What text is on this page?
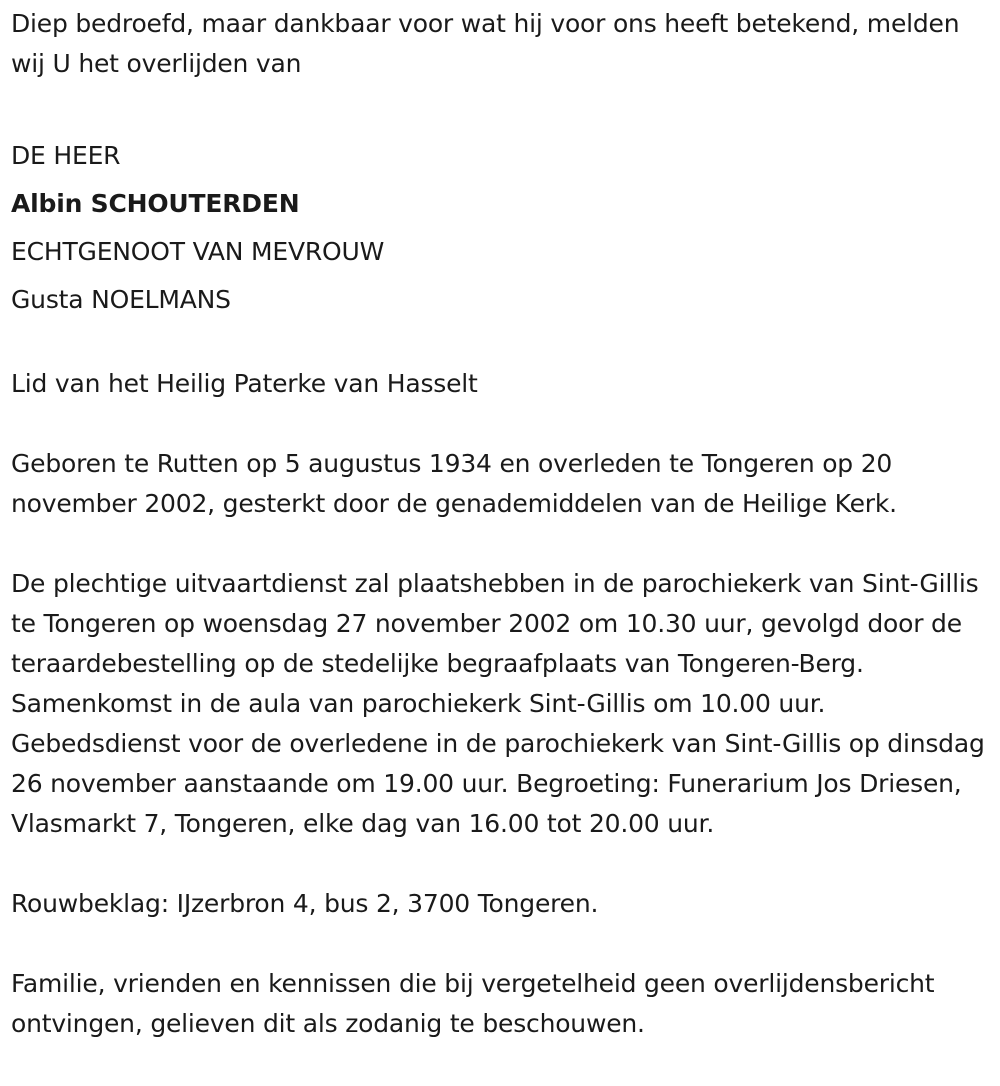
Diep bedroefd, maar dankbaar voor wat hij voor ons heeft betekend, melden wij U het overlijden van

DE HEER
Albin SCHOUTERDEN
ECHTGENOOT VAN MEVROUW
Gusta NOELMANS

Lid van het Heilig Paterke van Hasselt

Geboren te Rutten op 5 augustus 1934 en overleden te Tongeren op 20 november 2002, gesterkt door de genademiddelen van de Heilige Kerk.

De plechtige uitvaartdienst zal plaatshebben in de parochiekerk van Sint-Gillis te Tongeren op woensdag 27 november 2002 om 10.30 uur, gevolgd door de teraardebestelling op de stedelijke begraafplaats van Tongeren-Berg. Samenkomst in de aula van parochiekerk Sint-Gillis om 10.00 uur. Gebedsdienst voor de overledene in de parochiekerk van Sint-Gillis op dinsdag 26 november aanstaande om 19.00 uur. Begroeting: Funerarium Jos Driesen, Vlasmarkt 7, Tongeren, elke dag van 16.00 tot 20.00 uur.

Rouwbeklag: IJzerbron 4, bus 2, 3700 Tongeren.

Familie, vrienden en kennissen die bij vergetelheid geen overlijdensbericht ontvingen, gelieven dit als zodanig te beschouwen.
